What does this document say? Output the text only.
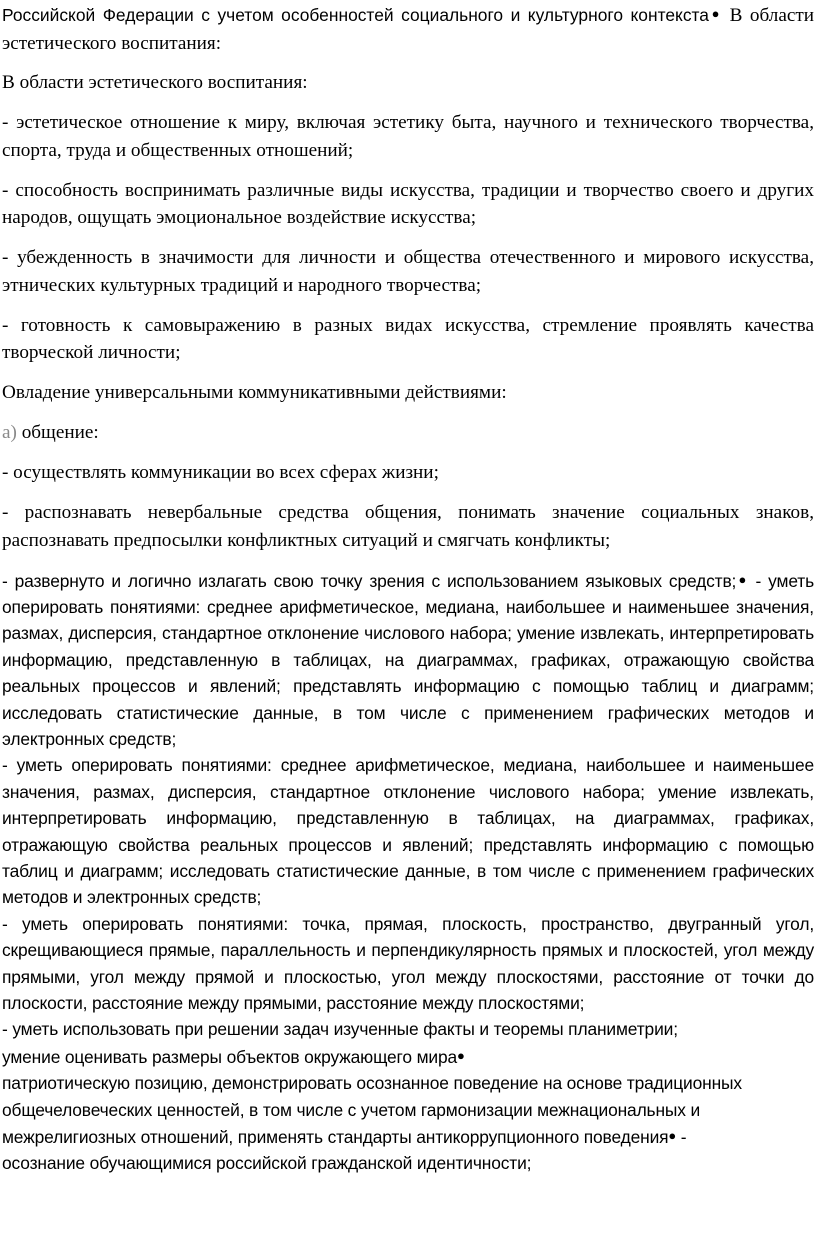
Российской Федерации с учетом особенностей социального и культурного контекста● В области эстетического воспитания:

В области эстетического воспитания:

- эстетическое отношение к миру, включая эстетику быта, научного и технического творчества, спорта, труда и общественных отношений;

- способность воспринимать различные виды искусства, традиции и творчество своего и других народов, ощущать эмоциональное воздействие искусства;

- убежденность в значимости для личности и общества отечественного и мирового искусства, этнических культурных традиций и народного творчества;

- готовность к самовыражению в разных видах искусства, стремление проявлять качества творческой личности;

Овладение универсальными коммуникативными действиями:

а) общение:

- осуществлять коммуникации во всех сферах жизни;

- распознавать невербальные средства общения, понимать значение социальных знаков, распознавать предпосылки конфликтных ситуаций и смягчать конфликты;

- развернуто и логично излагать свою точку зрения с использованием языковых средств;● - уметь оперировать понятиями: среднее арифметическое, медиана, наибольшее и наименьшее значения, размах, дисперсия, стандартное отклонение числового набора; умение извлекать, интерпретировать информацию, представленную в таблицах, на диаграммах, графиках, отражающую свойства реальных процессов и явлений; представлять информацию с помощью таблиц и диаграмм; исследовать статистические данные, в том числе с применением графических методов и электронных средств;

- уметь оперировать понятиями: среднее арифметическое, медиана, наибольшее и наименьшее значения, размах, дисперсия, стандартное отклонение числового набора; умение извлекать, интерпретировать информацию, представленную в таблицах, на диаграммах, графиках, отражающую свойства реальных процессов и явлений; представлять информацию с помощью таблиц и диаграмм; исследовать статистические данные, в том числе с применением графических методов и электронных средств;

- уметь оперировать понятиями: точка, прямая, плоскость, пространство, двугранный угол, скрещивающиеся прямые, параллельность и перпендикулярность прямых и плоскостей, угол между прямыми, угол между прямой и плоскостью, угол между плоскостями, расстояние от точки до плоскости, расстояние между прямыми, расстояние между плоскостями;

- уметь использовать при решении задач изученные факты и теоремы планиметрии;

умение оценивать размеры объектов окружающего мира●

патриотическую позицию, демонстрировать осознанное поведение на основе традиционных общечеловеческих ценностей, в том числе с учетом гармонизации межнациональных и межрелигиозных отношений, применять стандарты антикоррупционного поведения● - осознание обучающимися российской гражданской идентичности;
